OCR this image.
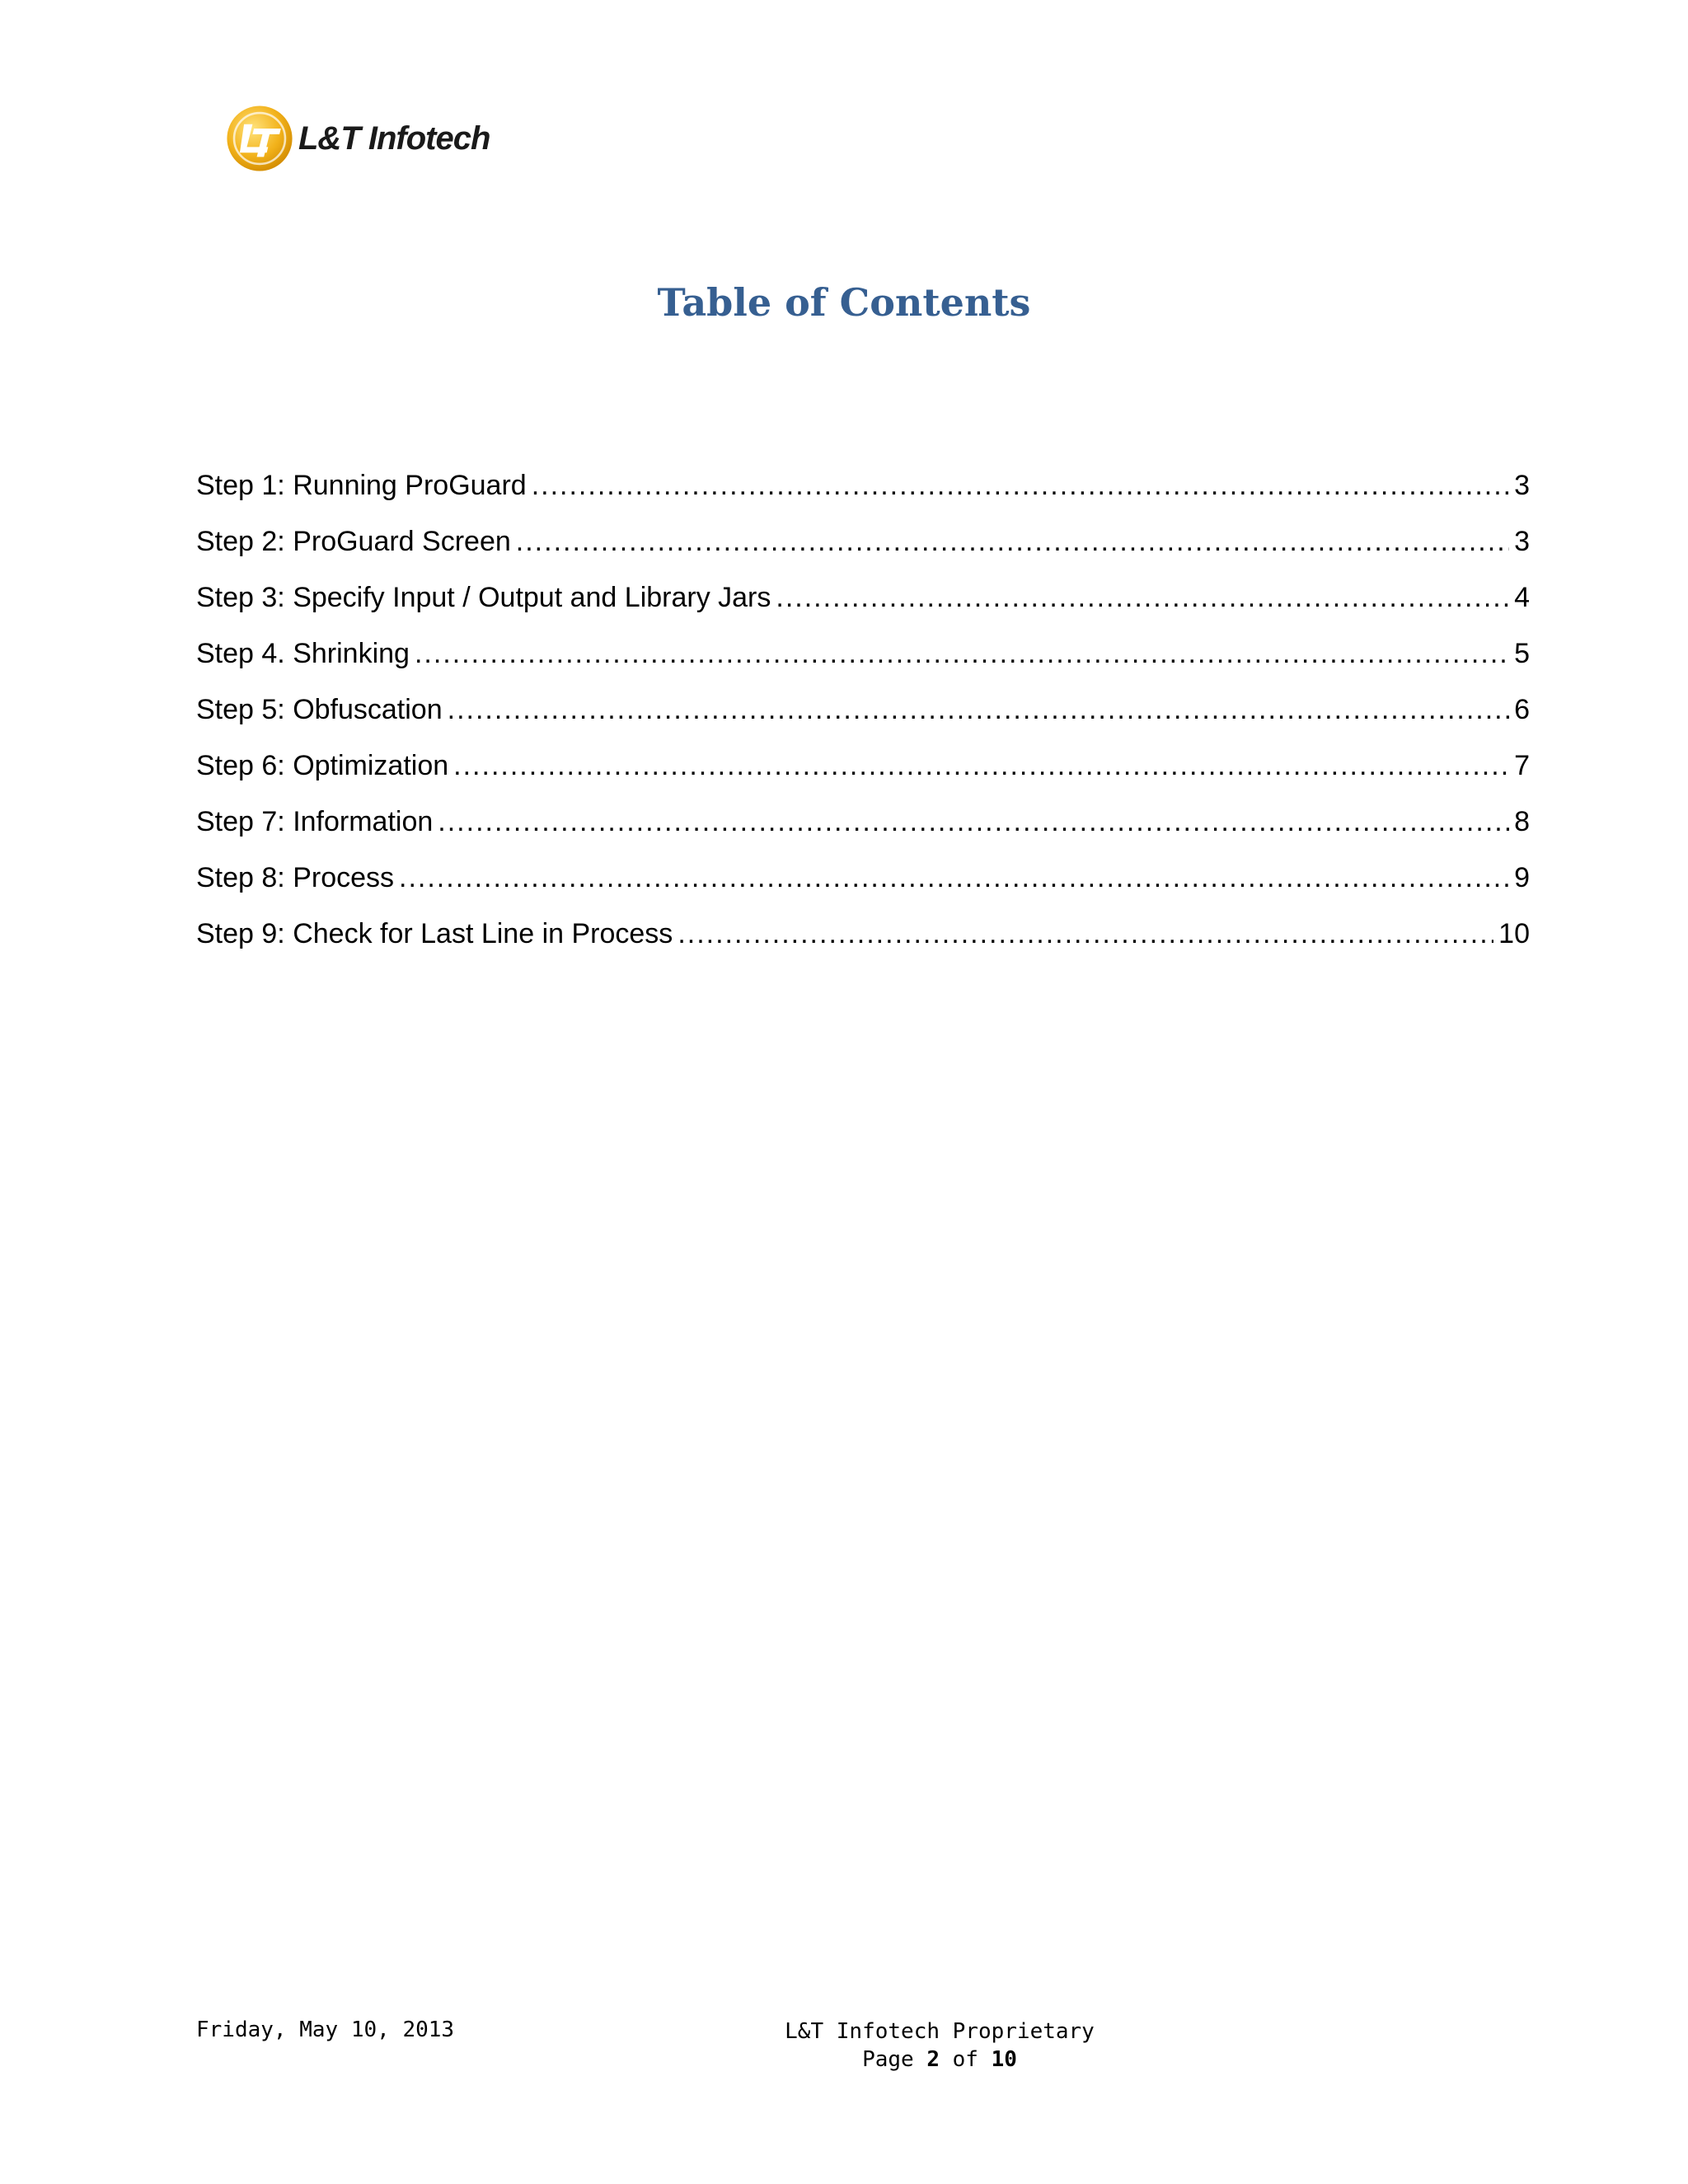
L&T Infotech
Table of Contents
Step 1: Running ProGuard .....	3
Step 2: ProGuard Screen .....	3
Step 3: Specify Input / Output and Library Jars .....	4
Step 4. Shrinking .....	5
Step 5: Obfuscation .....	6
Step 6: Optimization .....	7
Step 7: Information .....	8
Step 8: Process .....	9
Step 9: Check for Last Line in Process .....	10
Friday, May 10, 2013	L&T Infotech Proprietary
Page 2 of 10
